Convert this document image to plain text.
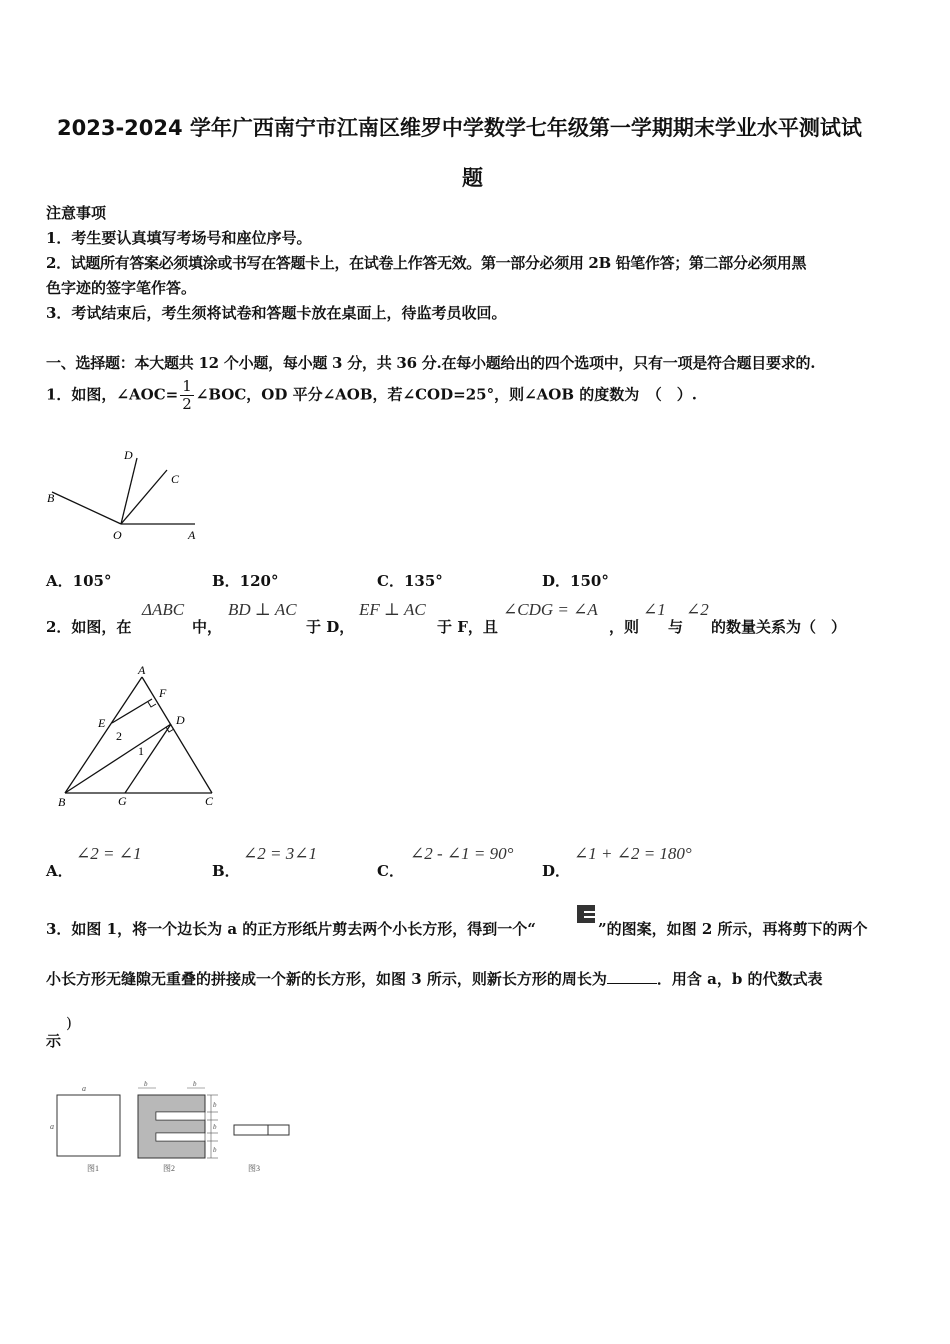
2023-2024 学年广西南宁市江南区维罗中学数学七年级第一学期期末学业水平测试试
题
注意事项
1．考生要认真填写考场号和座位序号。
2．试题所有答案必须填涂或书写在答题卡上，在试卷上作答无效。第一部分必须用 2B 铅笔作答；第二部分必须用黑
色字迹的签字笔作答。
3．考试结束后，考生须将试卷和答题卡放在桌面上，待监考员收回。
一、选择题：本大题共 12 个小题，每小题 3 分，共 36 分.在每小题给出的四个选项中，只有一项是符合题目要求的.
1．如图，∠AOC= $\frac{1}{2}$ ∠BOC，OD 平分∠AOB，若∠COD=25°，则∠AOB 的度数为　（　）.
B
D
C
O	A
A．105°	B．120°	C．135°	D．150°
2．如图，在
ΔABC
中，
BD ⊥ AC
于 D，
EF ⊥ AC
于 F，且
∠CDG = ∠A
，则
∠1
与
∠2
的数量关系为（　）
A
F
E	D
2
1
B	G	C
A．
∠2 = ∠1
B．
∠2 = 3∠1
C．
∠2 - ∠1 = 90°
D．
∠1 + ∠2 = 180°
3．如图 1，将一个边长为 a 的正方形纸片剪去两个小长方形，得到一个“	”的图案，如图 2 所示，再将剪下的两个
小长方形无缝隙无重叠的拼接成一个新的长方形，如图 3 所示，则新长方形的周长为	．用含 a，b 的代数式表
示
)
a
a
图1
b	b
b
b
b
图2	图3
